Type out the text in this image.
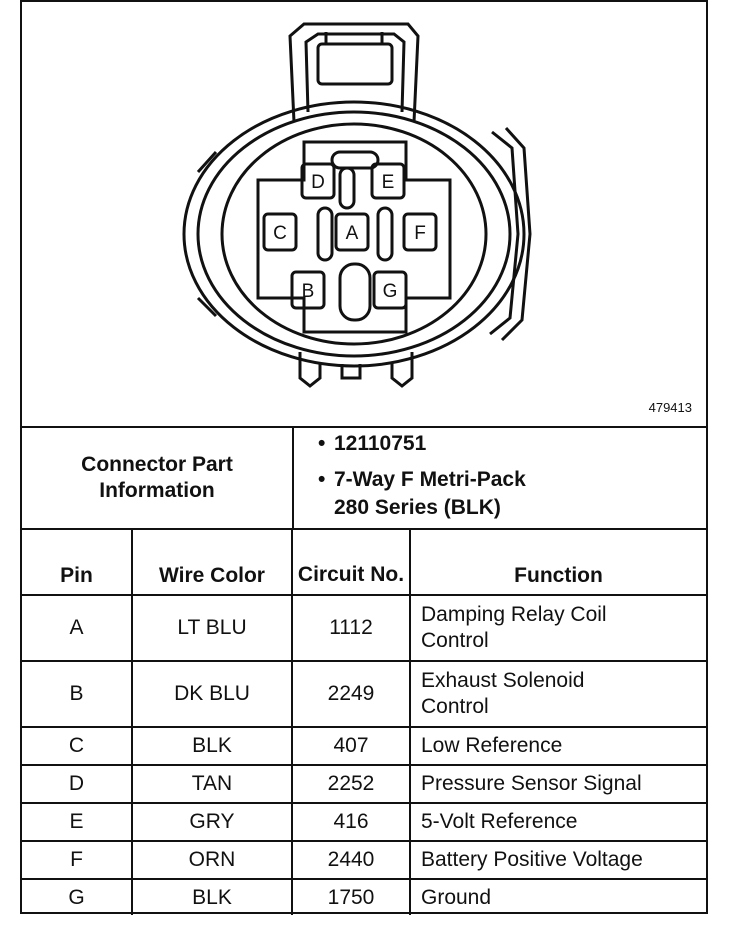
D	E
C	A	F
B	G
479413
Connector Part Information
• 12110751
• 7-Way F Metri-Pack
280 Series (BLK)
Pin	Wire Color	Circuit No.	Function
A	LT BLU	1112	Damping Relay Coil
Control
B	DK BLU	2249	Exhaust Solenoid
Control
C	BLK	407	Low Reference
D	TAN	2252	Pressure Sensor Signal
E	GRY	416	5-Volt Reference
F	ORN	2440	Battery Positive Voltage
G	BLK	1750	Ground
